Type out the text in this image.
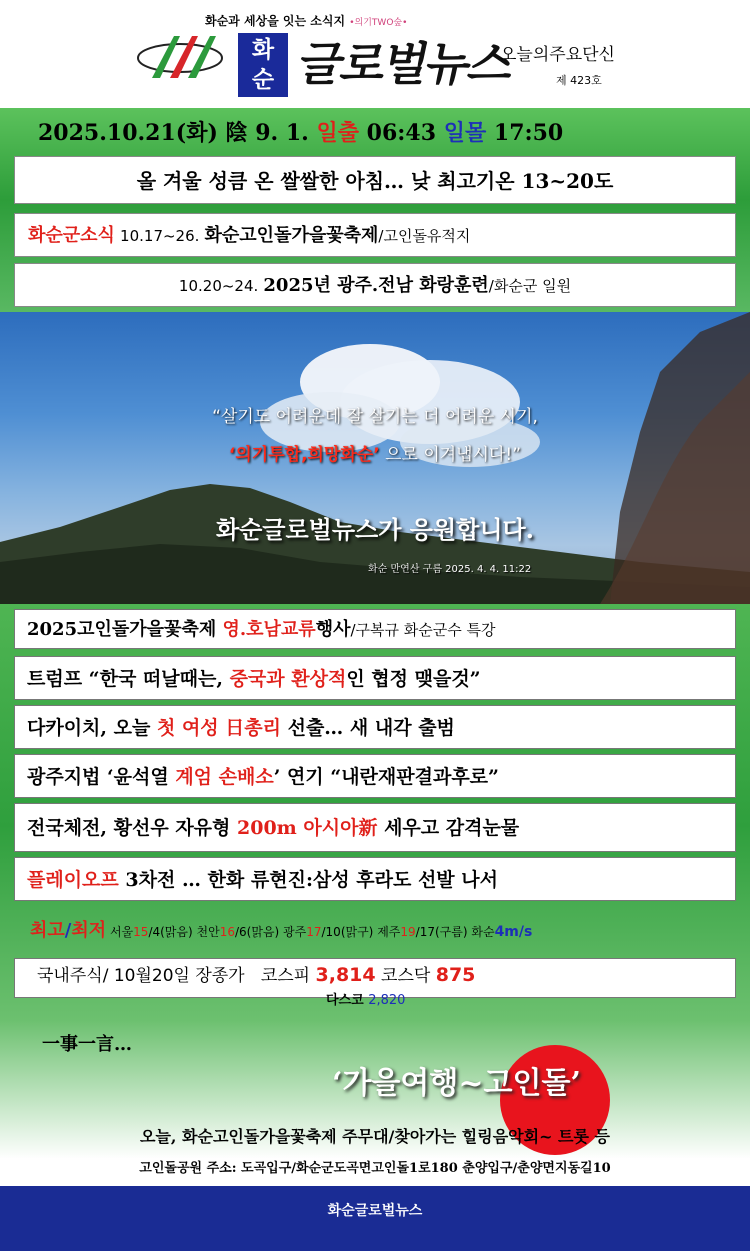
화순과 세상을 잇는 소식지 •의기TWO숲•
화
순 글로벌뉴스
오늘의주요단신
제 423호
2025.10.21(화) 陰 9. 1. 일출 06:43 일몰 17:50
올 겨울 성큼 온 쌀쌀한 아침… 낮 최고기온 13~20도
화순군소식 10.17~26. 화순고인돌가을꽃축제/고인돌유적지
10.20~24. 2025년 광주.전남 화랑훈련/화순군 일원
“살기도 어려운데 잘 살기는 더 어려운 시기,
‘의기투합,희망화순’ 으로 이겨냅시다!”
화순글로벌뉴스가 응원합니다.
화순 만연산 구름 2025. 4. 4. 11:22
2025고인돌가을꽃축제 영.호남교류행사/구복규 화순군수 특강
트럼프 “한국 떠날때는, 중국과 환상적인 협정 맺을것”
다카이치, 오늘 첫 여성 日총리 선출… 새 내각 출범
광주지법 ‘윤석열 계엄 손배소’ 연기 “내란재판결과후로”
전국체전, 황선우 자유형 200m 아시아新 세우고 감격눈물
플레이오프 3차전 … 한화 류현진:삼성 후라도 선발 나서
최고/최저 서울15/4(맑음) 천안16/6(맑음) 광주17/10(맑구) 제주19/17(구름) 화순4m/s
국내주식/ 10월20일 장종가 코스피 3,814 코스닥 875
다스코 2,820
一事一言…
‘가을여행~고인돌’
오늘, 화순고인돌가을꽃축제 주무대/찾아가는 힐링음악회~ 트롯 등
고인돌공원 주소: 도곡입구/화순군도곡면고인돌1로180 춘양입구/춘양면지동길10
화순글로벌뉴스
